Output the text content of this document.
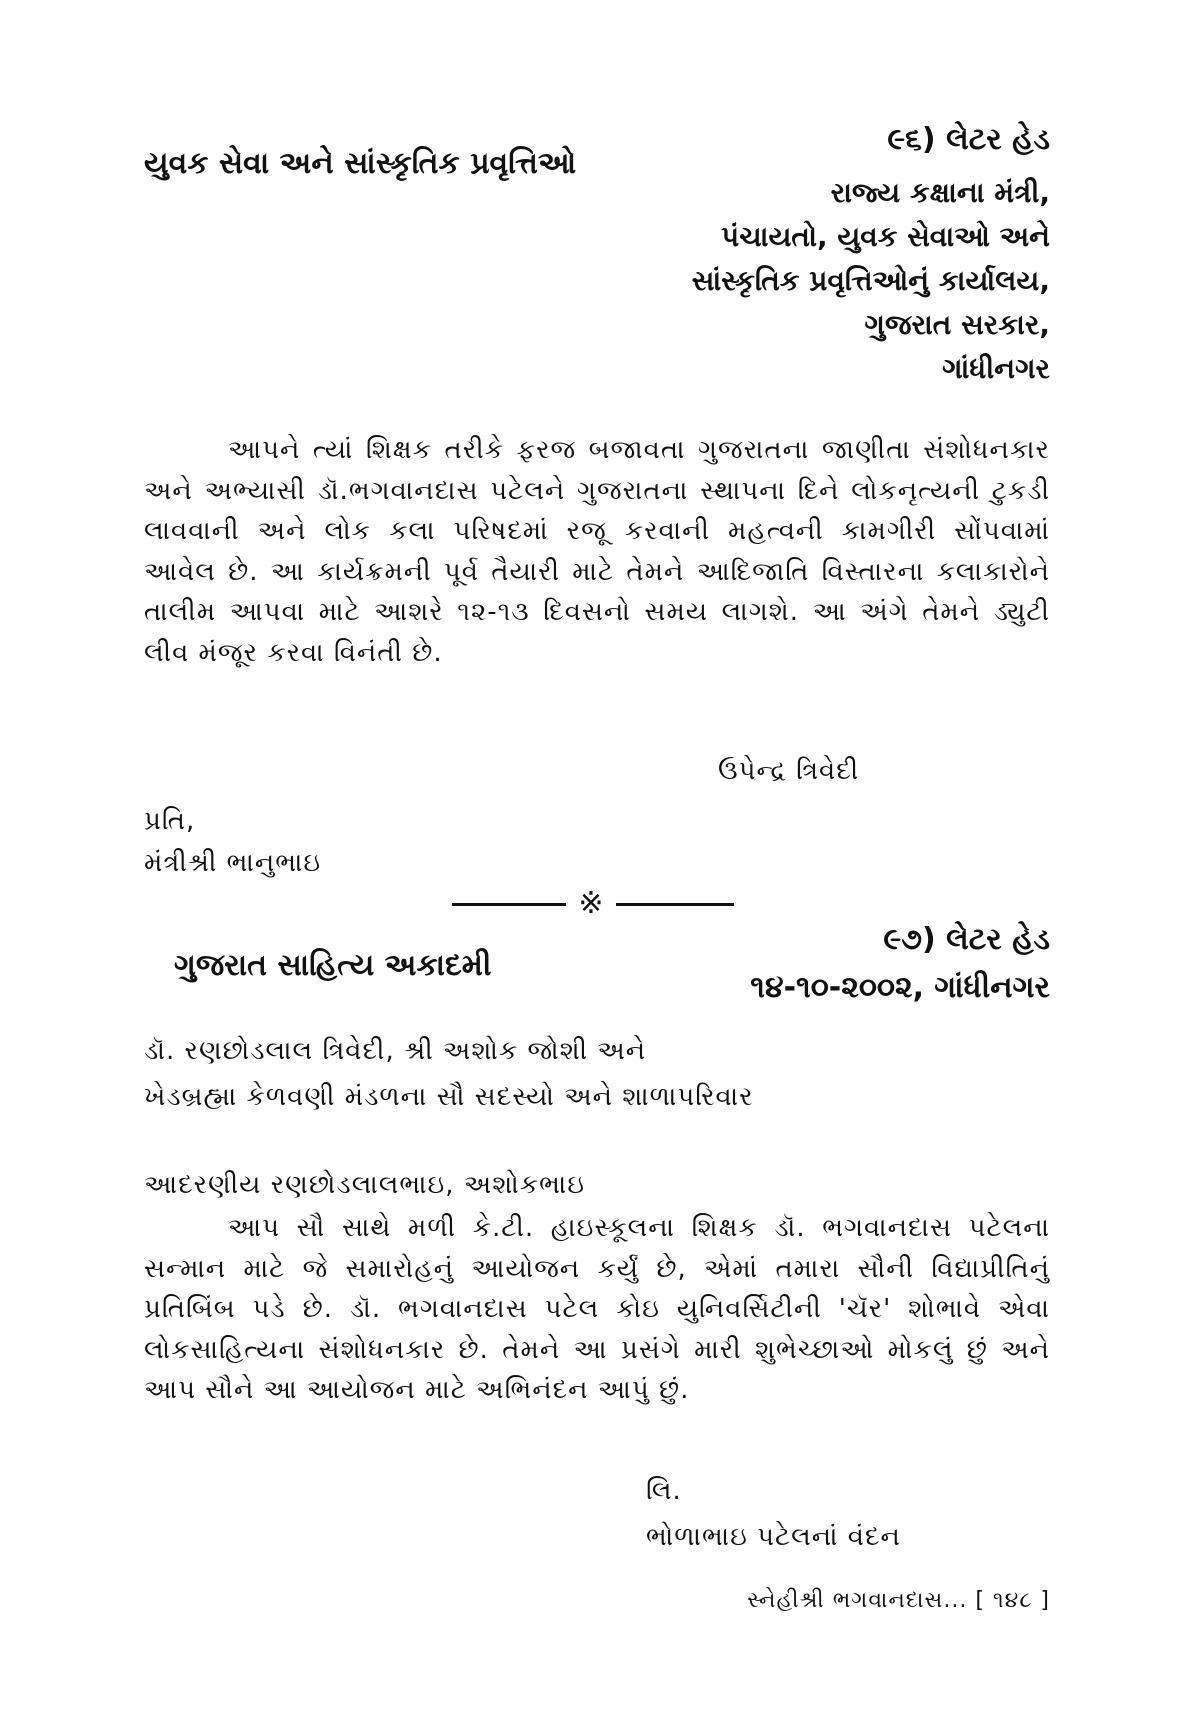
યુવક સેવા અને સાંસ્કૃતિક પ્રવૃત્તિઓ
૯૬) લેટર હેડ
રાજ્ય કક્ષાના મંત્રી,
પંચાયતો, યુવક સેવાઓ અને
સાંસ્કૃતિક પ્રવૃત્તિઓનું કાર્યાલય,
ગુજરાત સરકાર,
ગાંધીનગર

આપને ત્યાં શિક્ષક તરીકે ફરજ બજાવતા ગુજરાતના જાણીતા સંશોધનકાર અને અભ્યાસી ડૉ.ભગવાનદાસ પટેલને ગુજરાતના સ્થાપના દિને લોકનૃત્યની ટુકડી લાવવાની અને લોક કલા પરિષદમાં રજૂ કરવાની મહત્વની કામગીરી સોંપવામાં આવેલ છે. આ કાર્યક્રમની પૂર્વ તૈયારી માટે તેમને આદિજાતિ વિસ્તારના કલાકારોને તાલીમ આપવા માટે આશરે ૧૨-૧૩ દિવસનો સમય લાગશે. આ અંગે તેમને ડ્યુટી લીવ મંજૂર કરવા વિનંતી છે.

ઉપેન્દ્ર ત્રિવેદી
પ્રતિ,
મંત્રીશ્રી ભાનુભાઇ
※
ગુજરાત સાહિત્ય અકાદમી
૯૭) લેટર હેડ
૧૪-૧૦-૨૦૦૨, ગાંધીનગર
ડૉ. રણછોડલાલ ત્રિવેદી, શ્રી અશોક જોશી અને
ખેડબ્રહ્મા કેળવણી મંડળના સૌ સદસ્યો અને શાળાપરિવાર
આદરણીય રણછોડલાલભાઇ, અશોકભાઇ

આપ સૌ સાથે મળી કે.ટી. હાઇસ્કૂલના શિક્ષક ડૉ. ભગવાનદાસ પટેલના સન્માન માટે જે સમારોહનું આયોજન કર્યું છે, એમાં તમારા સૌની વિદ્યાપ્રીતિનું પ્રતિબિંબ પડે છે. ડૉ. ભગવાનદાસ પટેલ કોઇ યુનિવર્સિટીની 'ચૅર' શોભાવે એવા લોકસાહિત્યના સંશોધનકાર છે. તેમને આ પ્રસંગે મારી શુભેચ્છાઓ મોકલું છું અને આપ સૌને આ આયોજન માટે અભિનંદન આપું છું.

લિ.
ભોળાભાઇ પટેલનાં વંદન
સ્નેહીશ્રી ભગવાનદાસ... [ ૧૪૮ ]
